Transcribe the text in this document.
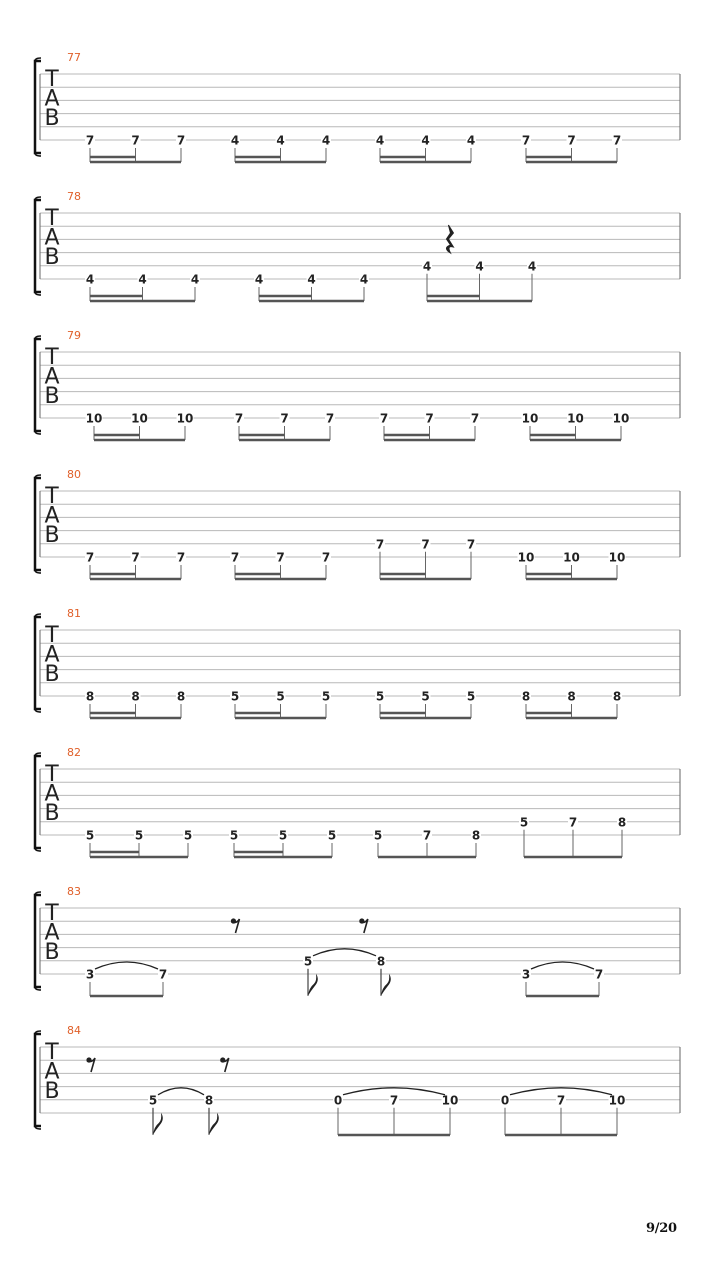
T
A
B
77
7	7	7	4	4	4	4	4	4	7	7	7
T
A
B
78
4	4	4	4	4	4
4	4	4
T
A
B
79
10 10 10	7	7	7	7	7	7	10 10 10
T
A
B
80
7	7	7	7	7	7
7	7	7
10 10 10
T
A
B
81
8	8	8	5	5	5	5	5	5	8	8	8
T
A
B
82
5	5	5	5	5	5	5	7	8
5	7	8
T
A
B
83
3	7
5	8
3	7
T
A
B
84
5	8	0	7	10	0	7	10
9/20
